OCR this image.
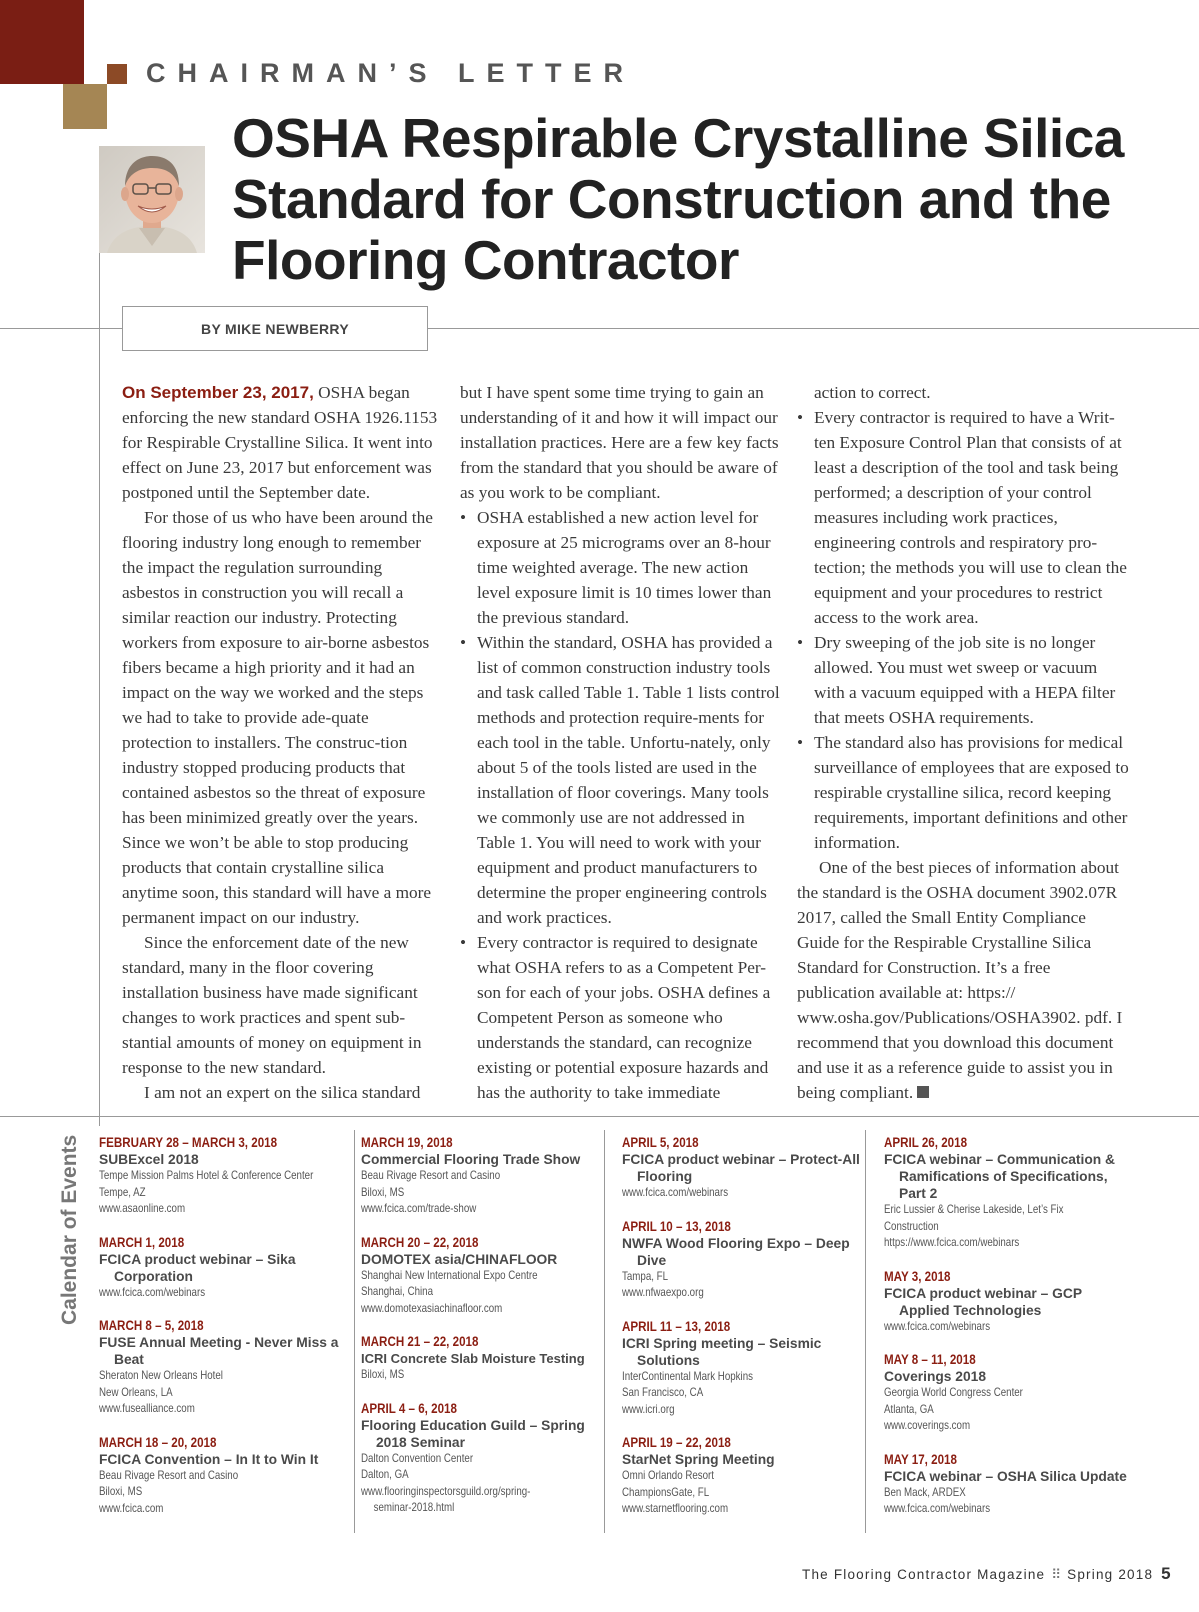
CHAIRMAN’S LETTER
OSHA Respirable Crystalline Silica Standard for Construction and the Flooring Contractor
BY MIKE NEWBERRY

On September 23, 2017, OSHA began enforcing the new standard OSHA 1926.1153 for Respirable Crystalline Silica. It went into effect on June 23, 2017 but enforcement was postponed until the September date.

For those of us who have been around the flooring industry long enough to remember the impact the regulation surrounding asbestos in construction you will recall a similar reaction our industry. Protecting workers from exposure to air-borne asbestos fibers became a high priority and it had an impact on the way we worked and the steps we had to take to provide ade-quate protection to installers. The construc-tion industry stopped producing products that contained asbestos so the threat of exposure has been minimized greatly over the years. Since we won’t be able to stop producing products that contain crystalline silica anytime soon, this standard will have a more permanent impact on our industry.

Since the enforcement date of the new standard, many in the floor covering installation business have made significant changes to work practices and spent sub-stantial amounts of money on equipment in response to the new standard.

I am not an expert on the silica standard

but I have spent some time trying to gain an understanding of it and how it will impact our installation practices. Here are a few key facts from the standard that you should be aware of as you work to be compliant.

• OSHA established a new action level for exposure at 25 micrograms over an 8-hour time weighted average. The new action level exposure limit is 10 times lower than the previous standard.

• Within the standard, OSHA has provided a list of common construction industry tools and task called Table 1. Table 1 lists control methods and protection require-ments for each tool in the table. Unfortu-nately, only about 5 of the tools listed are used in the installation of floor coverings. Many tools we commonly use are not addressed in Table 1. You will need to work with your equipment and product manufacturers to determine the proper engineering controls and work practices.

• Every contractor is required to designate what OSHA refers to as a Competent Per-son for each of your jobs. OSHA defines a Competent Person as someone who understands the standard, can recognize existing or potential exposure hazards and has the authority to take immediate

action to correct.

• Every contractor is required to have a Writ-ten Exposure Control Plan that consists of at least a description of the tool and task being performed; a description of your control measures including work practices, engineering controls and respiratory pro-tection; the methods you will use to clean the equipment and your procedures to restrict access to the work area.

• Dry sweeping of the job site is no longer allowed. You must wet sweep or vacuum with a vacuum equipped with a HEPA filter that meets OSHA requirements.

• The standard also has provisions for medical surveillance of employees that are exposed to respirable crystalline silica, record keeping requirements, important definitions and other information.

One of the best pieces of information about the standard is the OSHA document 3902.07R 2017, called the Small Entity Compliance Guide for the Respirable Crystalline Silica Standard for Construction. It’s a free publication available at: https:// www.osha.gov/Publications/OSHA3902. pdf. I recommend that you download this document and use it as a reference guide to assist you in being compliant.

Calendar of Events FEBRUARY 28 – MARCH 3, 2018
SUBExcel 2018
Tempe Mission Palms Hotel & Conference Center
Tempe, AZ
www.asaonline.com
MARCH 1, 2018
FCICA product webinar – Sika Corporation
www.fcica.com/webinars
MARCH 8 – 5, 2018
FUSE Annual Meeting - Never Miss a Beat
Sheraton New Orleans Hotel
New Orleans, LA
www.fusealliance.com
MARCH 18 – 20, 2018
FCICA Convention – In It to Win It
Beau Rivage Resort and Casino
Biloxi, MS
www.fcica.com
MARCH 19, 2018
Commercial Flooring Trade Show
Beau Rivage Resort and Casino
Biloxi, MS
www.fcica.com/trade-show
MARCH 20 – 22, 2018
DOMOTEX asia/CHINAFLOOR
Shanghai New International Expo Centre
Shanghai, China
www.domotexasiachinafloor.com
MARCH 21 – 22, 2018
ICRI Concrete Slab Moisture Testing
Biloxi, MS
APRIL 4 – 6, 2018
Flooring Education Guild – Spring 2018 Seminar
Dalton Convention Center
Dalton, GA
www.flooringinspectorsguild.org/spring-
seminar-2018.html
APRIL 5, 2018
FCICA product webinar – Protect-All Flooring
www.fcica.com/webinars
APRIL 10 – 13, 2018
NWFA Wood Flooring Expo – Deep Dive
Tampa, FL
www.nfwaexpo.org
APRIL 11 – 13, 2018
ICRI Spring meeting – Seismic Solutions
InterContinental Mark Hopkins
San Francisco, CA
www.icri.org
APRIL 19 – 22, 2018
StarNet Spring Meeting
Omni Orlando Resort
ChampionsGate, FL
www.starnetflooring.com
APRIL 26, 2018
FCICA webinar – Communication & Ramifications of Specifications, Part 2
Eric Lussier & Cherise Lakeside, Let’s Fix
Construction
https://www.fcica.com/webinars
MAY 3, 2018
FCICA product webinar – GCP Applied Technologies
www.fcica.com/webinars
MAY 8 – 11, 2018
Coverings 2018
Georgia World Congress Center
Atlanta, GA
www.coverings.com
MAY 17, 2018
FCICA webinar – OSHA Silica Update
Ben Mack, ARDEX
www.fcica.com/webinars
The Flooring Contractor Magazine ⠿ Spring 2018 5
